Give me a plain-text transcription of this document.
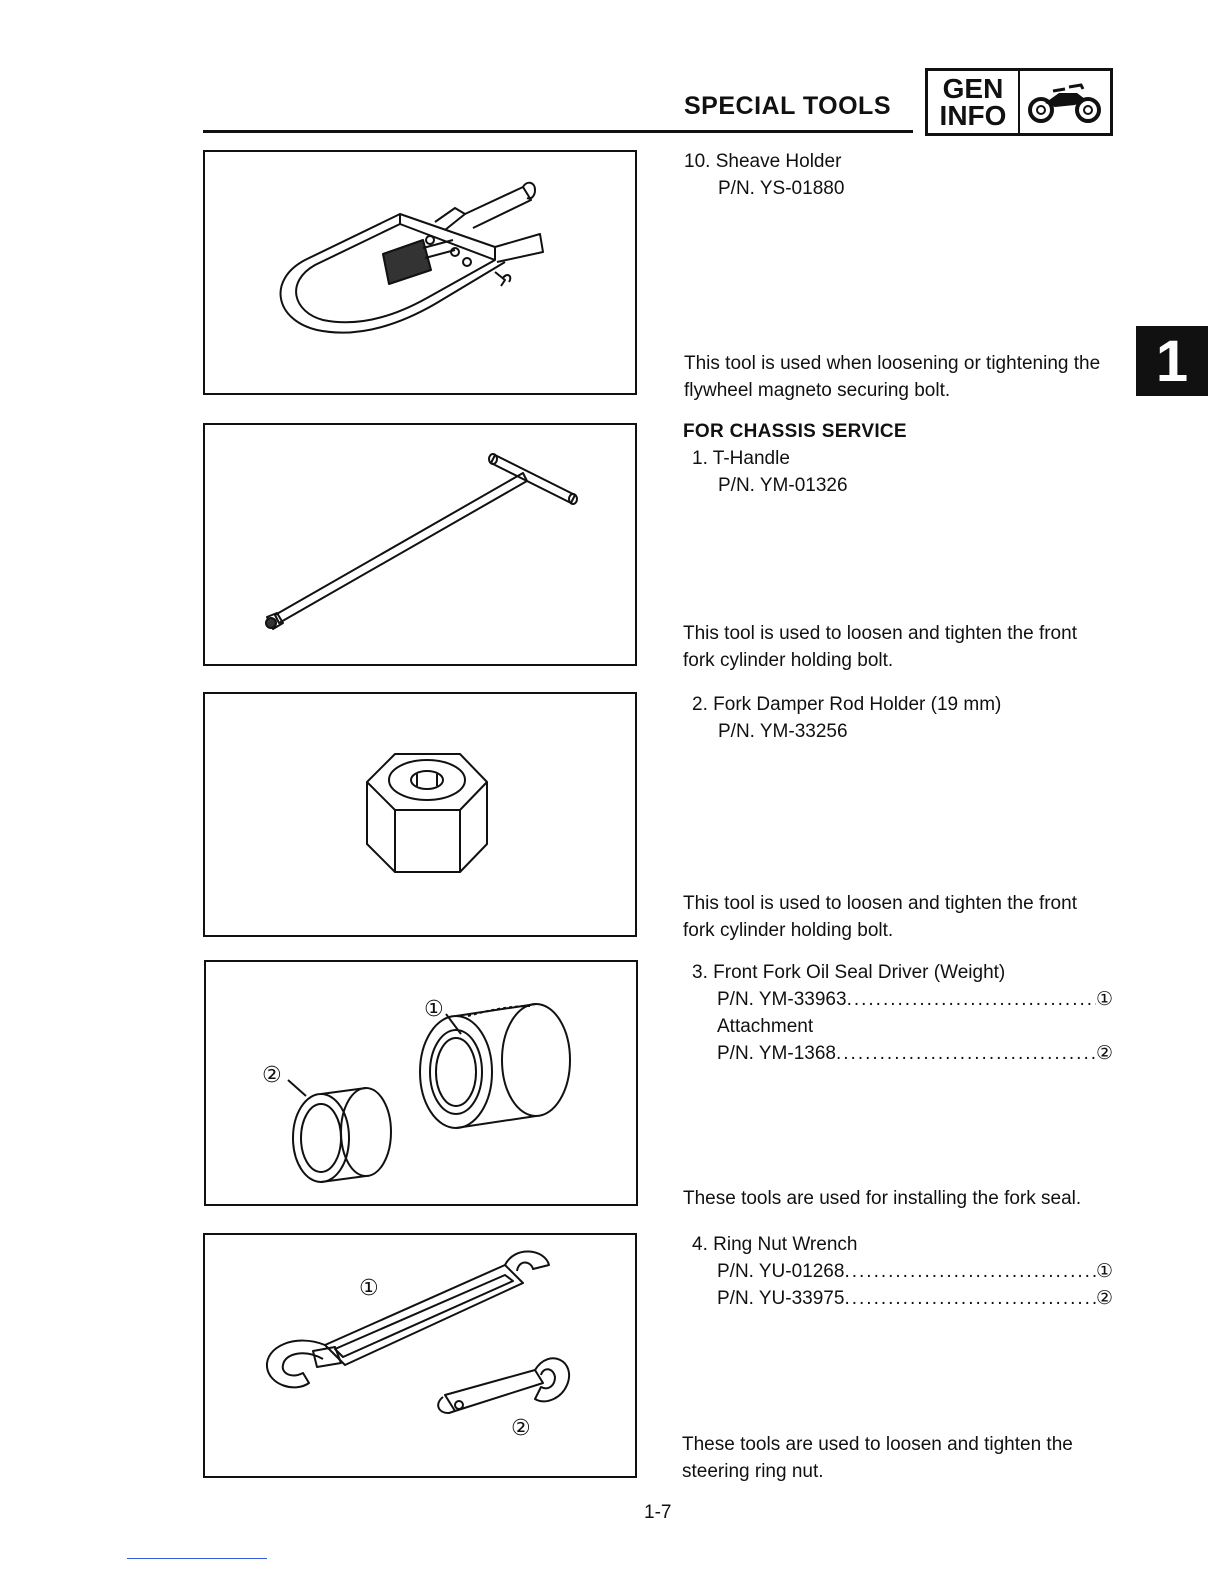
SPECIAL TOOLS
GEN
INFO
1
①
②
①
②
10. Sheave Holder
P/N. YS-01880
This tool is used when loosening or tightening the
flywheel magneto securing bolt.
FOR CHASSIS SERVICE
1. T-Handle
P/N. YM-01326
This tool is used to loosen and tighten the front
fork cylinder holding bolt.
2. Fork Damper Rod Holder (19 mm)
P/N. YM-33256
This tool is used to loosen and tighten the front
fork cylinder holding bolt.
3. Front Fork Oil Seal Driver (Weight)
P/N. YM-33963 .....	①
Attachment
P/N. YM-1368 .....	②
These tools are used for installing the fork seal.
4. Ring Nut Wrench
P/N. YU-01268 .....	①
P/N. YU-33975 .....	②
These tools are used to loosen and tighten the
steering ring nut.
1-7
